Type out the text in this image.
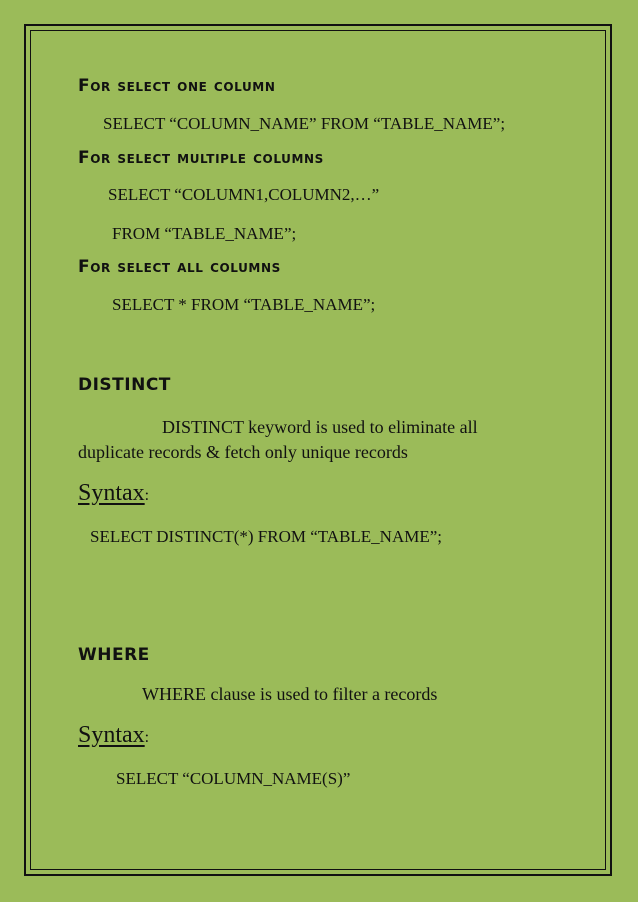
For select one column
SELECT “COLUMN_NAME” FROM “TABLE_NAME”;
For select multiple columns
SELECT “COLUMN1,COLUMN2,…”
FROM “TABLE_NAME”;
For select all columns
SELECT * FROM “TABLE_NAME”;
DISTINCT
DISTINCT keyword is used to eliminate all
duplicate records & fetch only unique records
Syntax:
SELECT DISTINCT(*) FROM “TABLE_NAME”;
WHERE
WHERE clause is used to filter a records
Syntax:
SELECT “COLUMN_NAME(S)”
